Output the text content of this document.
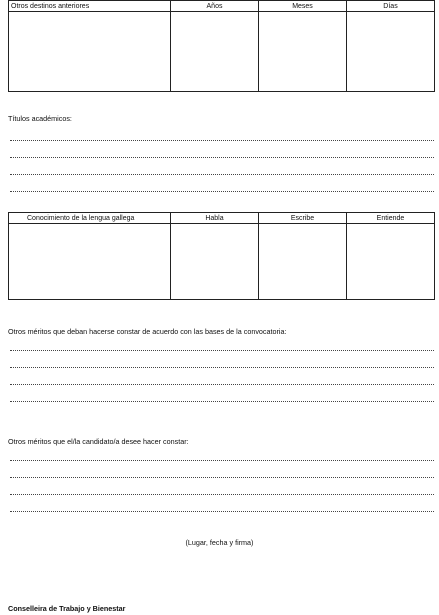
Otros destinos anteriores	Años	Meses	Días

Títulos académicos:
Conocimiento de la lengua gallega	Habla	Escribe	Entiende

Otros méritos que deban hacerse constar de acuerdo con las bases de la convocatoria:
Otros méritos que el/la candidato/a desee hacer constar:
(Lugar, fecha y firma)
Conselleira de Trabajo y Bienestar
